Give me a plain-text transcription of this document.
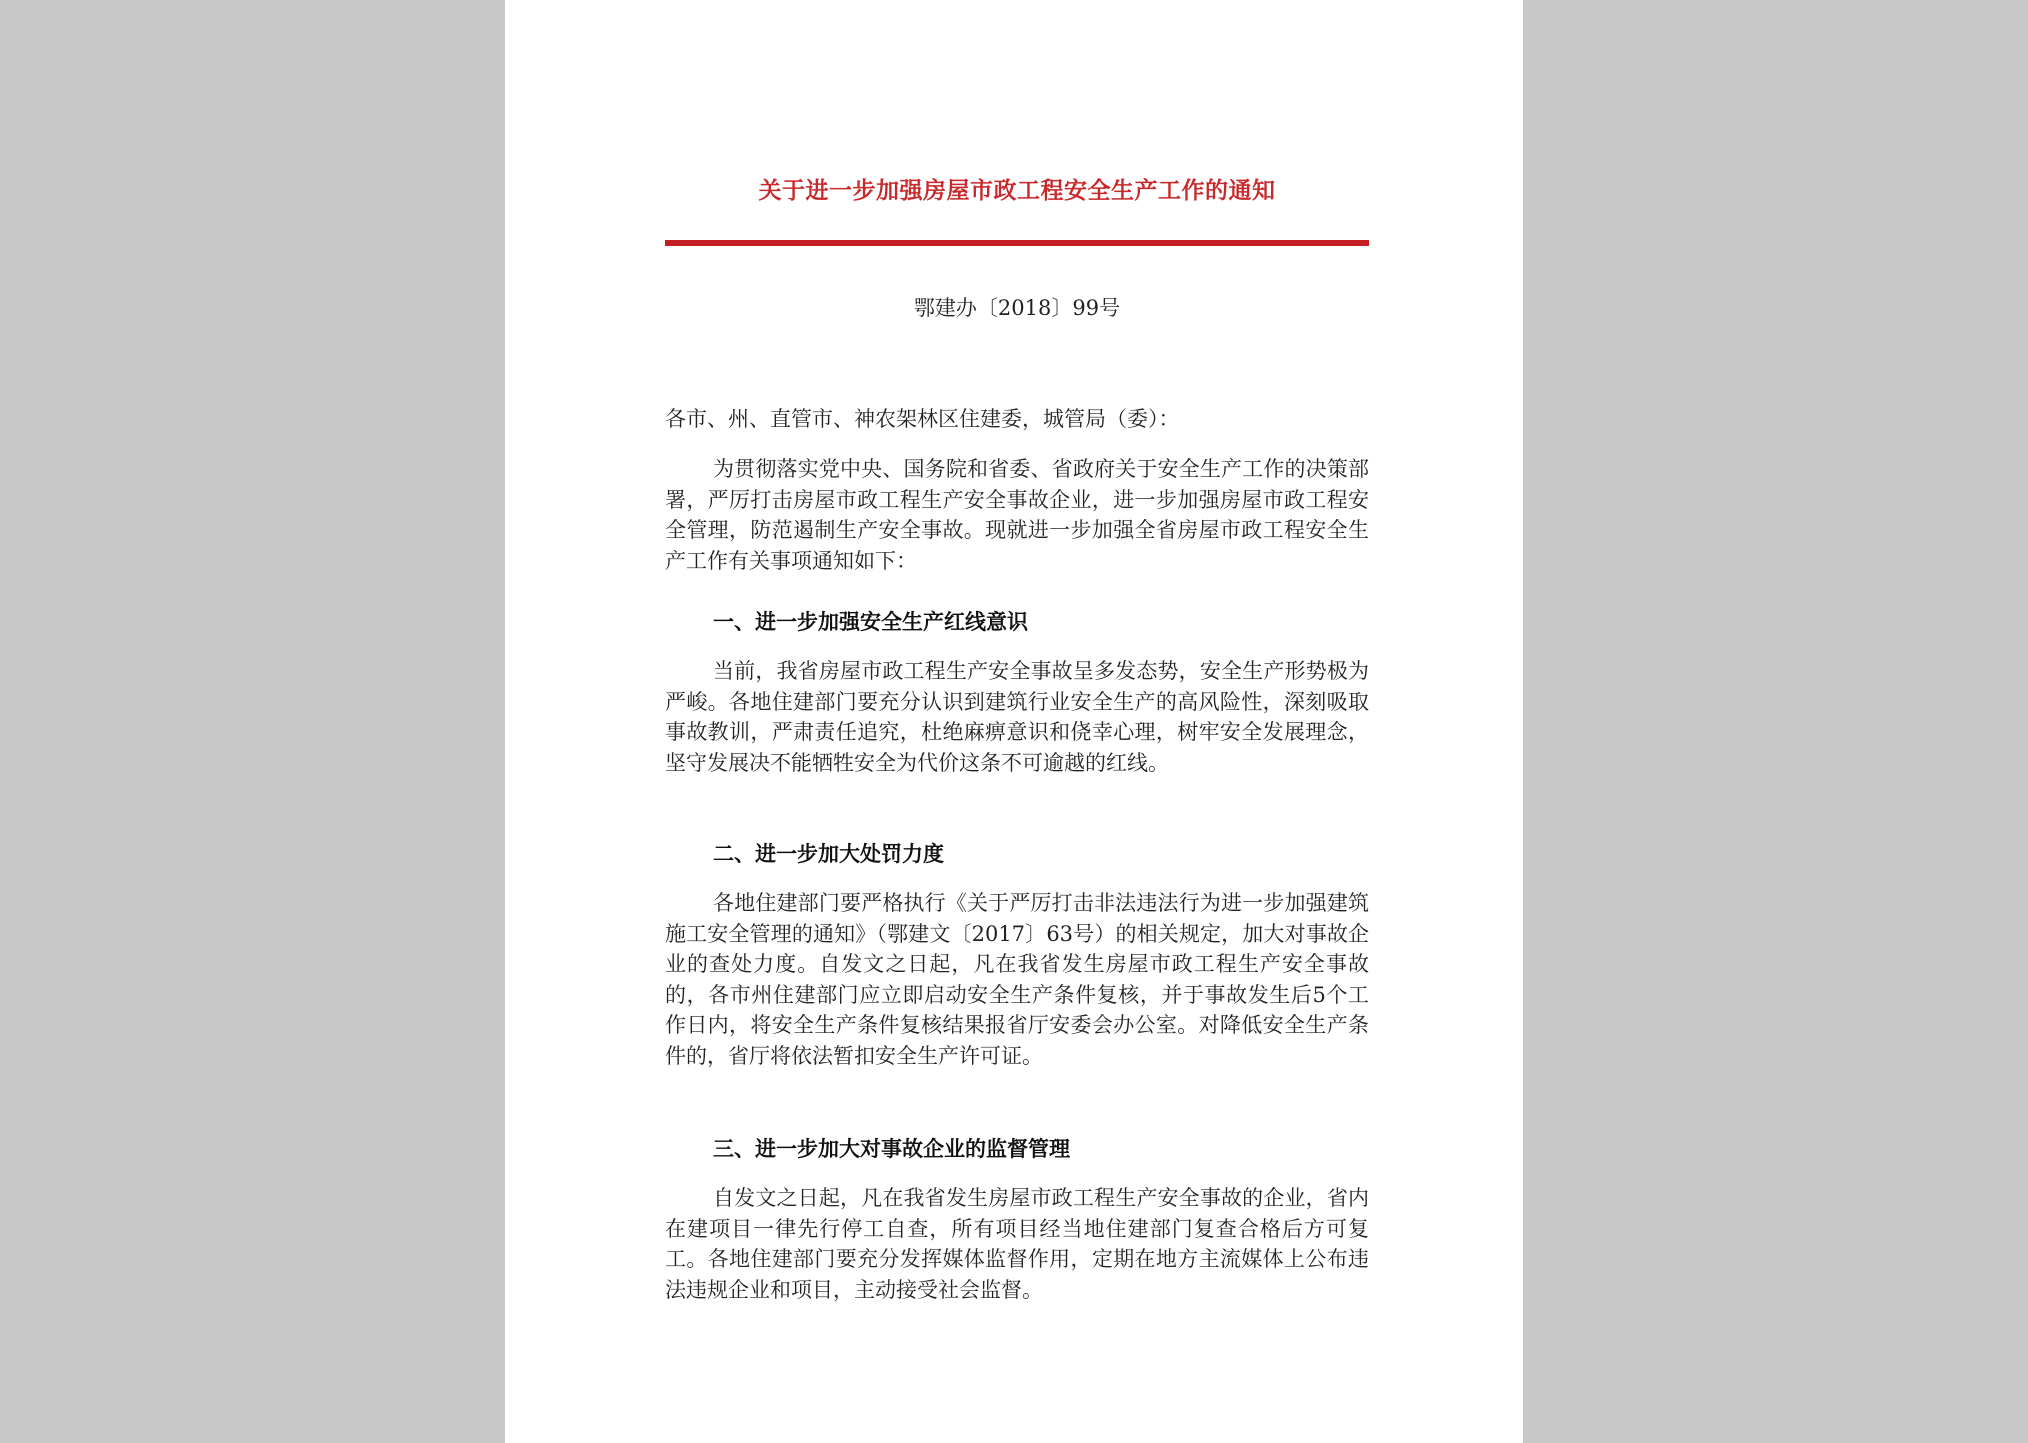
关于进一步加强房屋市政工程安全生产工作的通知
鄂建办〔2018〕99号
各市、州、直管市、神农架林区住建委，城管局（委）：

为贯彻落实党中央、国务院和省委、省政府关于安全生产工作的决策部署，严厉打击房屋市政工程生产安全事故企业，进一步加强房屋市政工程安全管理，防范遏制生产安全事故。现就进一步加强全省房屋市政工程安全生产工作有关事项通知如下：

一、进一步加强安全生产红线意识

当前，我省房屋市政工程生产安全事故呈多发态势，安全生产形势极为严峻。各地住建部门要充分认识到建筑行业安全生产的高风险性，深刻吸取事故教训，严肃责任追究，杜绝麻痹意识和侥幸心理，树牢安全发展理念，坚守发展决不能牺牲安全为代价这条不可逾越的红线。

二、进一步加大处罚力度

各地住建部门要严格执行《关于严厉打击非法违法行为进一步加强建筑施工安全管理的通知》（鄂建文〔2017〕63号）的相关规定，加大对事故企业的查处力度。自发文之日起，凡在我省发生房屋市政工程生产安全事故的，各市州住建部门应立即启动安全生产条件复核，并于事故发生后5个工作日内，将安全生产条件复核结果报省厅安委会办公室。对降低安全生产条件的，省厅将依法暂扣安全生产许可证。

三、进一步加大对事故企业的监督管理

自发文之日起，凡在我省发生房屋市政工程生产安全事故的企业，省内在建项目一律先行停工自查，所有项目经当地住建部门复查合格后方可复工。各地住建部门要充分发挥媒体监督作用，定期在地方主流媒体上公布违法违规企业和项目，主动接受社会监督。
